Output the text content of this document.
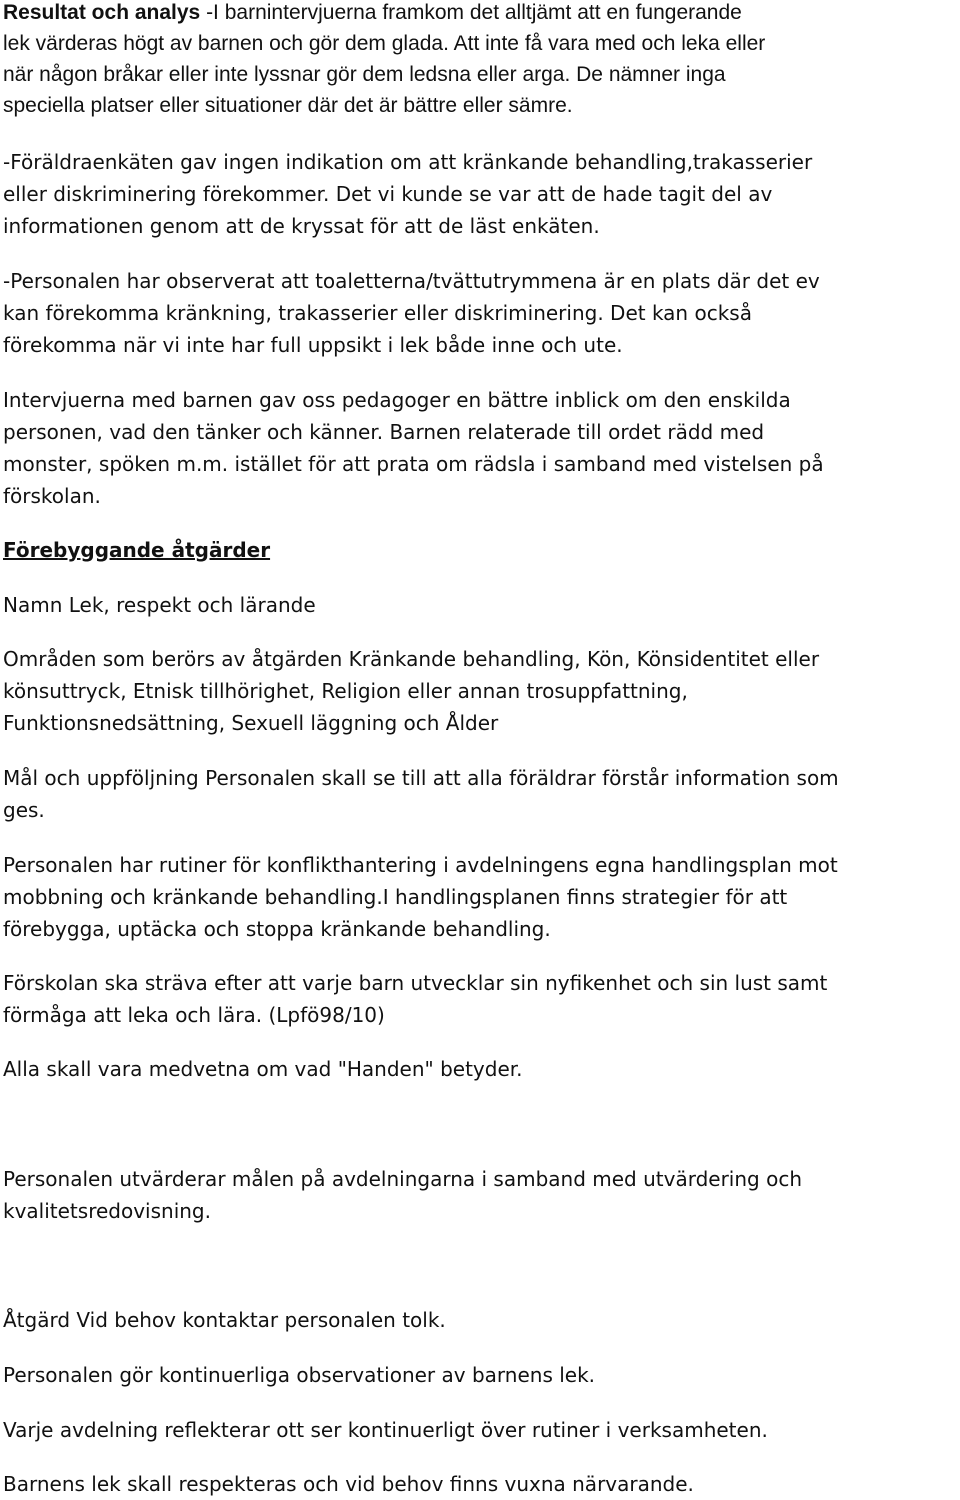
Resultat och analys -I barnintervjuerna framkom det alltjämt att en fungerande
lek värderas högt av barnen och gör dem glada. Att inte få vara med och leka eller
när någon bråkar eller inte lyssnar gör dem ledsna eller arga. De nämner inga
speciella platser eller situationer där det är bättre eller sämre.

-Föräldraenkäten gav ingen indikation om att kränkande behandling,trakasserier
eller diskriminering förekommer. Det vi kunde se var att de hade tagit del av
informationen genom att de kryssat för att de läst enkäten.

-Personalen har observerat att toaletterna/tvättutrymmena är en plats där det ev
kan förekomma kränkning, trakasserier eller diskriminering. Det kan också
förekomma när vi inte har full uppsikt i lek både inne och ute.

Intervjuerna med barnen gav oss pedagoger en bättre inblick om den enskilda
personen, vad den tänker och känner. Barnen relaterade till ordet rädd med
monster, spöken m.m. istället för att prata om rädsla i samband med vistelsen på
förskolan.

Förebyggande åtgärder

Namn Lek, respekt och lärande

Områden som berörs av åtgärden Kränkande behandling, Kön, Könsidentitet eller
könsuttryck, Etnisk tillhörighet, Religion eller annan trosuppfattning,
Funktionsnedsättning, Sexuell läggning och Ålder

Mål och uppföljning Personalen skall se till att alla föräldrar förstår information som
ges.

Personalen har rutiner för konflikthantering i avdelningens egna handlingsplan mot
mobbning och kränkande behandling.I handlingsplanen finns strategier för att
förebygga, uptäcka och stoppa kränkande behandling.

Förskolan ska sträva efter att varje barn utvecklar sin nyfikenhet och sin lust samt
förmåga att leka och lära. (Lpfö98/10)

Alla skall vara medvetna om vad "Handen" betyder.

Personalen utvärderar målen på avdelningarna i samband med utvärdering och
kvalitetsredovisning.

Åtgärd Vid behov kontaktar personalen tolk.

Personalen gör kontinuerliga observationer av barnens lek.

Varje avdelning reflekterar ott ser kontinuerligt över rutiner i verksamheten.

Barnens lek skall respekteras och vid behov finns vuxna närvarande.
